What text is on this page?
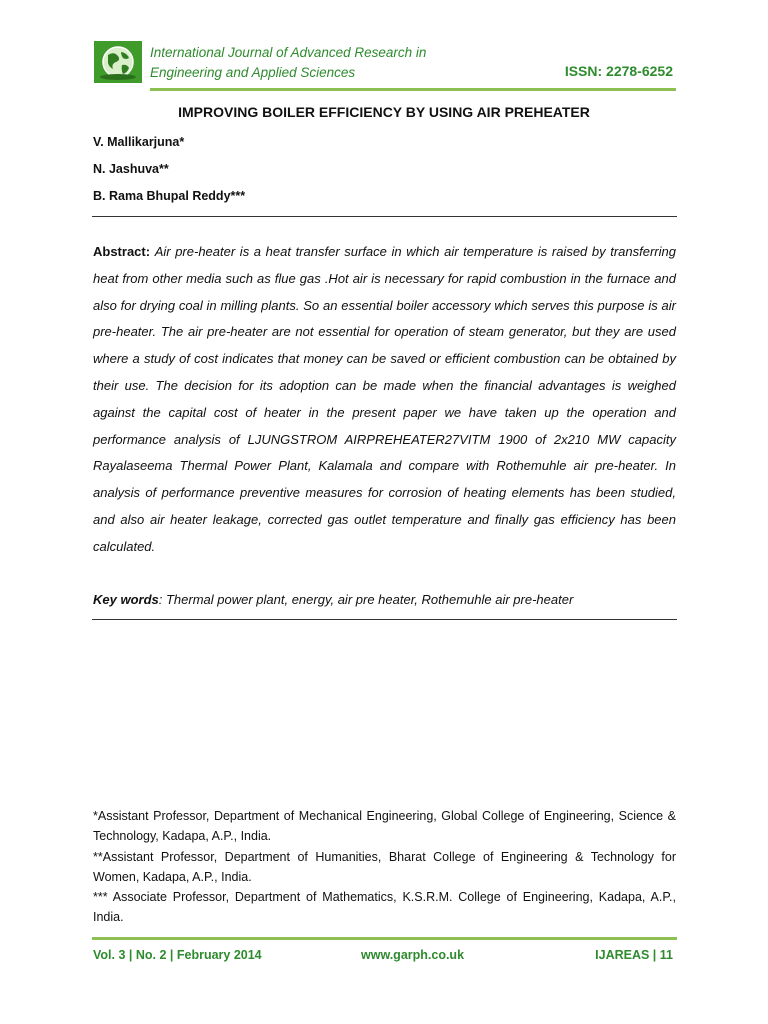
International Journal of Advanced Research in
Engineering and Applied Sciences	ISSN: 2278-6252
IMPROVING BOILER EFFICIENCY BY USING AIR PREHEATER
V. Mallikarjuna*
N. Jashuva**
B. Rama Bhupal Reddy***
Abstract: Air pre-heater is a heat transfer surface in which air temperature is raised by transferring heat from other media such as flue gas .Hot air is necessary for rapid combustion in the furnace and also for drying coal in milling plants. So an essential boiler accessory which serves this purpose is air pre-heater. The air pre-heater are not essential for operation of steam generator, but they are used where a study of cost indicates that money can be saved or efficient combustion can be obtained by their use. The decision for its adoption can be made when the financial advantages is weighed against the capital cost of heater in the present paper we have taken up the operation and performance analysis of LJUNGSTROM AIRPREHEATER27VITM 1900 of 2x210 MW capacity Rayalaseema Thermal Power Plant, Kalamala and compare with Rothemuhle air pre-heater. In analysis of performance preventive measures for corrosion of heating elements has been studied, and also air heater leakage, corrected gas outlet temperature and finally gas efficiency has been calculated.
Key words: Thermal power plant, energy, air pre heater, Rothemuhle air pre-heater

*Assistant Professor, Department of Mechanical Engineering, Global College of Engineering, Science & Technology, Kadapa, A.P., India.

**Assistant Professor, Department of Humanities, Bharat College of Engineering & Technology for Women, Kadapa, A.P., India.

*** Associate Professor, Department of Mathematics, K.S.R.M. College of Engineering, Kadapa, A.P., India.

Vol. 3 | No. 2 | February 2014	www.garph.co.uk	IJAREAS | 11
